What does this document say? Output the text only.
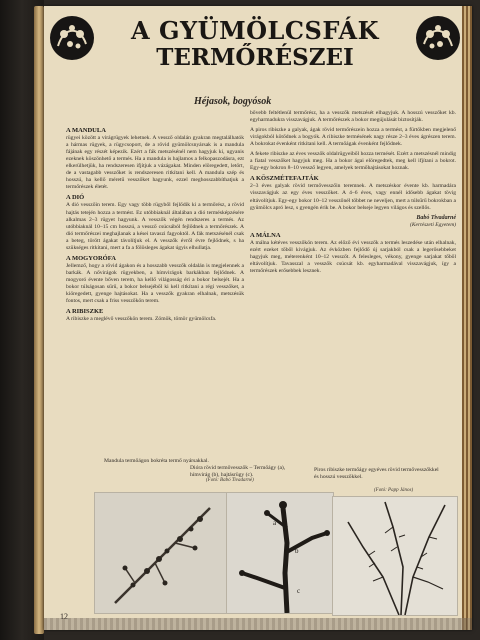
A GYÜMÖLCSFÁK
TERMŐRÉSZEI
Héjasok, bogyósok
A MANDULA
rügyei között a virágrügyek lehetnek. A vessző oldalán gyakran megtalálhatók a hármas rügyek, a rügycsoport, de a rövid gyümölcsnyársak is a mandula fájának egy részét képezik. Ezért a fák metszésénél nem hagyjuk ki, ugyanis ezeknek köszönhető a termés. Ha a mandula is hajlamos a felkopaszodásra, ezt elkerülhetjük, ha rendszeresen ifjítjuk a vázágakat. Minden elöregedett, letört, de a vastagabb vesszőket is rendszeresen ritkítani kell. A mandula szép és hosszú, ha kellő méretű vesszőket hagyunk, ezzel meghosszabbíthatjuk a termőrészek életét.
A DIÓ
A dió vesszőin terem. Egy vagy több rügyből fejlődik ki a termőrész, a rövid hajtás tetején hozza a termést. Ez utóbbiaknál általában a dió termésképzésére alkalmas 2–3 rügyet hagyunk. A vesszők végén rendszeres a termés. Az utóbbiaknál 10–15 cm hosszú, a vessző csúcsából fejlődnek a termőrészek. A dió termőrészei meghajlanak a kései tavaszi fagyoktól. A fák metszésénél csak a beteg, törött ágakat távolítjuk el. A vesszők évről évre fejlődnek, s ha szükséges ritkítani, mert a fa a fölösleges ágakat úgyis elhullatja.
A MOGYORÓFA
Jellemző, hogy a rövid ágakon és a hosszabb vesszők oldalán is megjelennek a barkák. A nővirágok rügyekben, a hímvirágok barkákban fejlődnek. A mogyoró évente bőven terem, ha kellő világosság éri a bokor belsejét. Ha a bokor túlságosan sűrű, a bokor belsejéből ki kell ritkítani a régi vesszőket, a kiöregedett, gyenge hajtásokat. Ha a vesszők gyakran elhalnak, metszésük fontos, mert csak a friss vesszőkön terem.
A RIBISZKE
A ribiszke a meglévő vesszőkön terem. Zömök, tömör gyümölcsfa.
bővebb feltétlenül termőrész, ha a vesszők metszését elhagyjuk. A hosszú vesszőket kb. egyharmadukra visszavágjuk. A termőrészek a bokor megújulását biztosítják.
A piros ribiszke a galyak, ágak rövid termőrészein hozza a termést, a fürtökben megjelenő virágokból kötődnek a bogyók. A ribiszke termésének nagy része 2–3 éves ágrészen terem. A bokrokat évenként ritkítani kell. A termőágak évenként fejlődnek.
A fekete ribiszke az éves vesszők oldalrügyeiből hozza termését. Ezért a metszésnél mindig a fiatal vesszőket hagyjuk meg. Ha a bokor ágai elöregedtek, meg kell ifjítani a bokrot. Egy-egy bokron 8–10 vessző legyen, amelyek termőhajtásokat hoznak.
A KÖSZMÉTEFAJTÁK
2–3 éves galyak rövid termővesszőin teremnek. A metszéskor évente kb. harmadára visszavágjuk az egy éves vesszőket. A 4–6 éves, vagy ennél idősebb ágakat tövig eltávolítjuk. Egy-egy bokor 10–12 vesszőnél többet ne neveljen, mert a túlsűrű bokrokban a gyümölcs apró lesz, s gyengén érik be. A bokor belseje legyen világos és szellős.
Babó Tivadarné
(Kertészeti Egyetem)
A MÁLNA
A málna kétéves vesszőkön terem. Az előző évi vesszők a termés leszedése után elhalnak, ezért ezeket tőből kivágjuk. Az évközben fejlődő új sarjakból csak a legerősebbeket hagyjuk meg, méterenként 10–12 vesszőt. A felesleges, vékony, gyenge sarjakat tőből eltávolítjuk. Tavasszal a vesszők csúcsát kb. egyharmadával visszavágjuk, így a termőrészek erősebbek lesznek.
Mandula termőágon bokréta termő nyársakkal.
Dióra rövid termővesszők – Termőágy (a), hímvirág (b), hajtásrügy (c).
Piros ribiszke termőágy egyéves rövid termővesszőkkel és hosszú vesszőkkel.
(Fotó: Babó Tivadarné)
(Fotó: Papp János)
a
b
c
12
